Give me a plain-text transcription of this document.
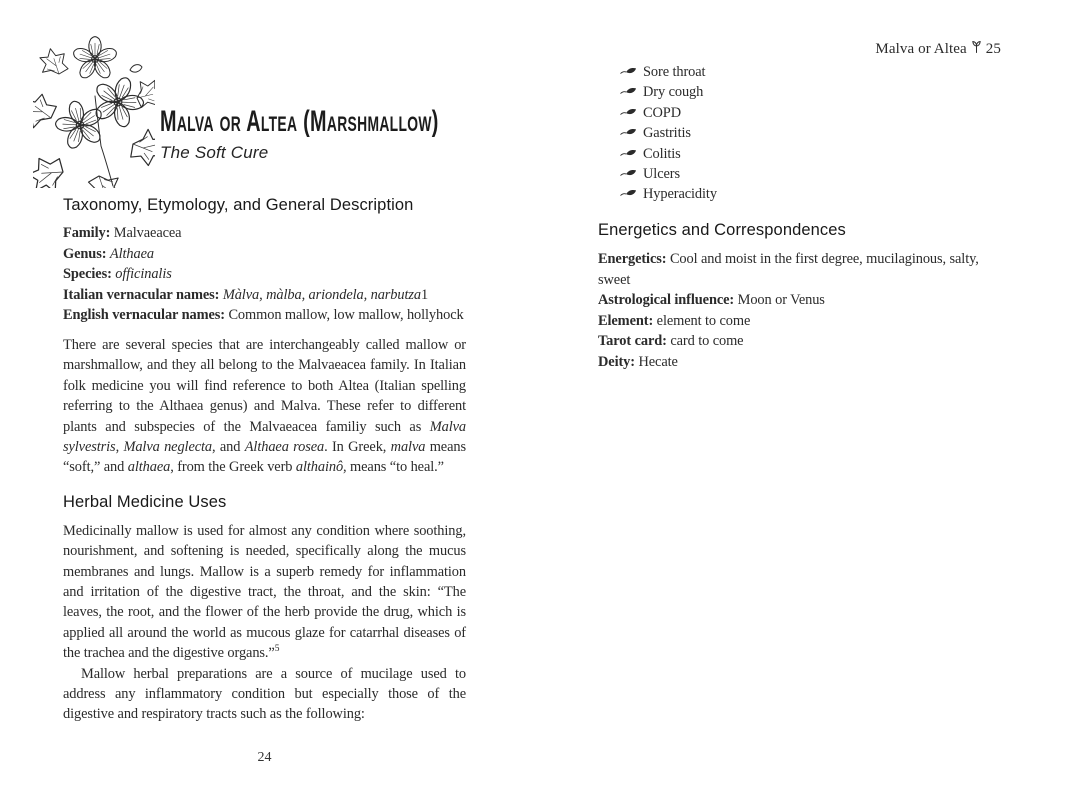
Malva or Altea (Marshmallow)
The Soft Cure
Taxonomy, Etymology, and General Description

Family: Malvaeacea

Genus: Althaea

Species: officinalis

Italian vernacular names: Màlva, màlba, ariondela, narbutza1

English vernacular names: Common mallow, low mallow, hollyhock

There are several species that are interchangeably called mallow or marshmallow, and they all belong to the Malvaeacea family. In Italian folk medicine you will find reference to both Altea (Italian spelling referring to the Althaea genus) and Malva. These refer to different plants and subspecies of the Malvaeacea familiy such as Malva sylvestris, Malva neglecta, and Althaea rosea. In Greek, malva means “soft,” and althaea, from the Greek verb althainô, means “to heal.”

Herbal Medicine Uses

Medicinally mallow is used for almost any condition where soothing, nourishment, and softening is needed, specifically along the mucus membranes and lungs. Mallow is a superb remedy for inflammation and irritation of the digestive tract, the throat, and the skin: “The leaves, the root, and the flower of the herb provide the drug, which is applied all around the world as mucous glaze for catarrhal diseases of the trachea and the digestive organs.”$^5$

Mallow herbal preparations are a source of mucilage used to address any inflammatory condition but especially those of the digestive and respiratory tracts such as the following:

24
Malva or Altea 25
Sore throat
Dry cough
COPD
Gastritis
Colitis
Ulcers
Hyperacidity
Energetics and Correspondences

Energetics: Cool and moist in the first degree, mucilaginous, salty, sweet

Astrological influence: Moon or Venus

Element: element to come

Tarot card: card to come

Deity: Hecate
